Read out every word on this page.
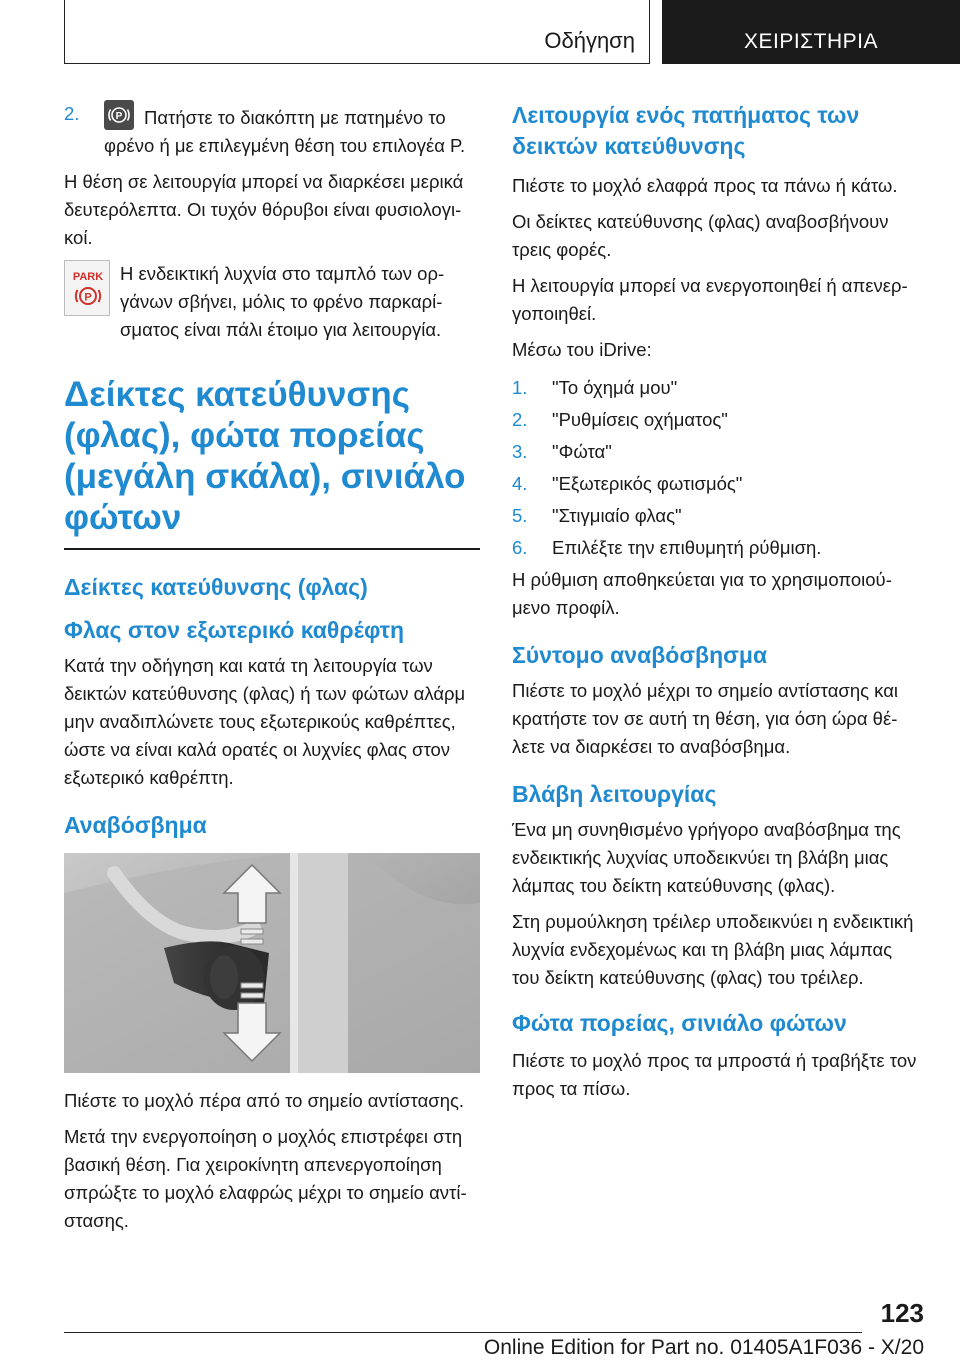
Οδήγηση	ΧΕΙΡΙΣΤΗΡΙΑ
2.	P Πατήστε το διακόπτη με πατημένο το φρένο ή με επιλεγμένη θέση του επιλογέα P.

Η θέση σε λειτουργία μπορεί να διαρκέσει μερικά δευτερόλεπτα. Οι τυχόν θόρυβοι είναι φυσιολογικοί.

PARK
P

Η ενδεικτική λυχνία στο ταμπλό των οργάνων σβήνει, μόλις το φρένο παρκαρίσματος είναι πάλι έτοιμο για λειτουργία.

Δείκτες κατεύθυνσης (φλας), φώτα πορείας (μεγάλη σκάλα), σινιάλο φώτων
Δείκτες κατεύθυνσης (φλας)
Φλας στον εξωτερικό καθρέφτη

Κατά την οδήγηση και κατά τη λειτουργία των δεικτών κατεύθυνσης (φλας) ή των φώτων αλάρμ μην αναδιπλώνετε τους εξωτερικούς καθρέπτες, ώστε να είναι καλά ορατές οι λυχνίες φλας στον εξωτερικό καθρέπτη.

Αναβόσβημα

Πιέστε το μοχλό πέρα από το σημείο αντίστασης.

Μετά την ενεργοποίηση ο μοχλός επιστρέφει στη βασική θέση. Για χειροκίνητη απενεργοποίηση σπρώξτε το μοχλό ελαφρώς μέχρι το σημείο αντίστασης.

Λειτουργία ενός πατήματος των δεικτών κατεύθυνσης

Πιέστε το μοχλό ελαφρά προς τα πάνω ή κάτω.

Οι δείκτες κατεύθυνσης (φλας) αναβοσβήνουν τρεις φορές.

Η λειτουργία μπορεί να ενεργοποιηθεί ή απενεργοποιηθεί.

Μέσω του iDrive:

1. "Το όχημά μου"
2. "Ρυθμίσεις οχήματος"
3. "Φώτα"
4. "Εξωτερικός φωτισμός"
5. "Στιγμιαίο φλας"
6. Επιλέξτε την επιθυμητή ρύθμιση.

Η ρύθμιση αποθηκεύεται για το χρησιμοποιούμενο προφίλ.

Σύντομο αναβόσβησμα

Πιέστε το μοχλό μέχρι το σημείο αντίστασης και κρατήστε τον σε αυτή τη θέση, για όση ώρα θέλετε να διαρκέσει το αναβόσβημα.

Βλάβη λειτουργίας

Ένα μη συνηθισμένο γρήγορο αναβόσβημα της ενδεικτικής λυχνίας υποδεικνύει τη βλάβη μιας λάμπας του δείκτη κατεύθυνσης (φλας).

Στη ρυμούλκηση τρέιλερ υποδεικνύει η ενδεικτική λυχνία ενδεχομένως και τη βλάβη μιας λάμπας του δείκτη κατεύθυνσης (φλας) του τρέιλερ.

Φώτα πορείας, σινιάλο φώτων

Πιέστε το μοχλό προς τα μπροστά ή τραβήξτε τον προς τα πίσω.

123
Online Edition for Part no. 01405A1F036 - X/20
